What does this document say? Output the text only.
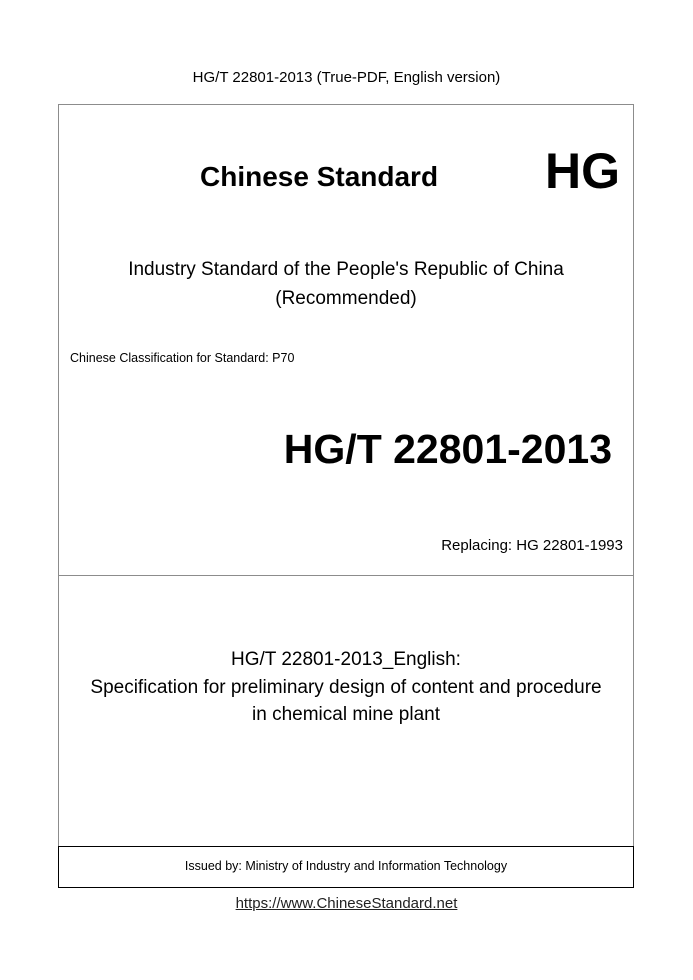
HG/T 22801-2013 (True-PDF, English version)
Chinese Standard HG
Industry Standard of the People's Republic of China
(Recommended)
Chinese Classification for Standard: P70
HG/T 22801-2013
Replacing: HG 22801-1993
HG/T 22801-2013_English:
Specification for preliminary design of content and procedure
in chemical mine plant
Issued by: Ministry of Industry and Information Technology
https://www.ChineseStandard.net
